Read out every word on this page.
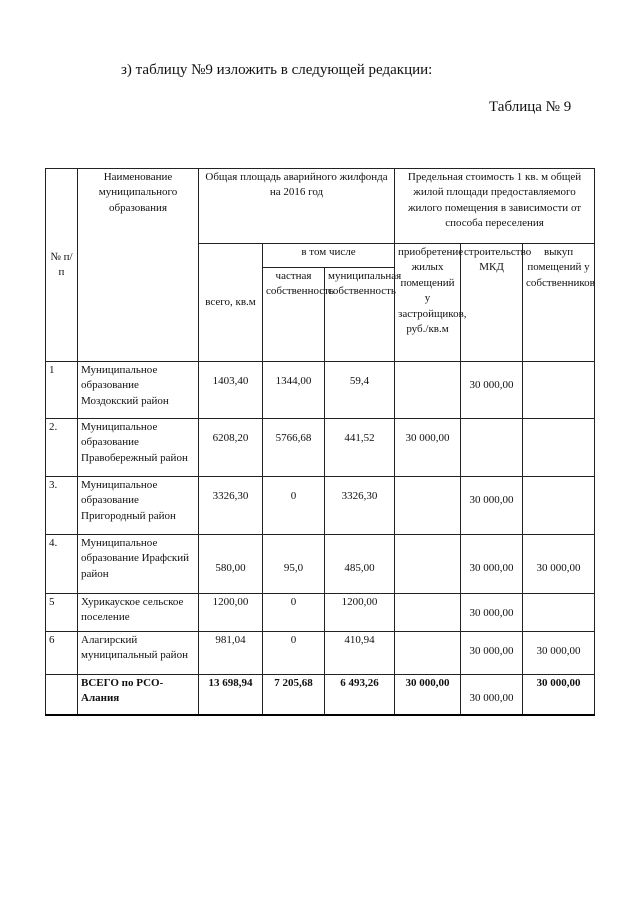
з) таблицу №9 изложить в следующей редакции:
Таблица № 9
№ п/п	Наименование муниципального образования	Общая площадь аварийного жилфонда на 2016 год			Предельная стоимость 1 кв. м общей жилой площади предоставляемого жилого помещения в зависимости от способа переселения		
		всего, кв.м	в том числе		приобретение жилых помещений у застройщиков, руб./кв.м	строительство МКД	выкуп помещений у собственников
			частная собственность	муниципальная собственность			
1	Муниципальное образование Моздокский район	1403,40	1344,00	59,4		30 000,00	
2.	Муниципальное образование Правобережный район	6208,20	5766,68	441,52	30 000,00		
3.	Муниципальное образование Пригородный район	3326,30	0	3326,30		30 000,00	
4.	Муниципальное образование Ирафский район	580,00	95,0	485,00		30 000,00	30 000,00
5	Хурикауское сельское поселение	1200,00	0	1200,00		30 000,00	
6	Алагирский муниципальный район	981,04	0	410,94		30 000,00	30 000,00
	ВСЕГО по РСО-Алания	13 698,94	7 205,68	6 493,26	30 000,00	30 000,00	30 000,00
